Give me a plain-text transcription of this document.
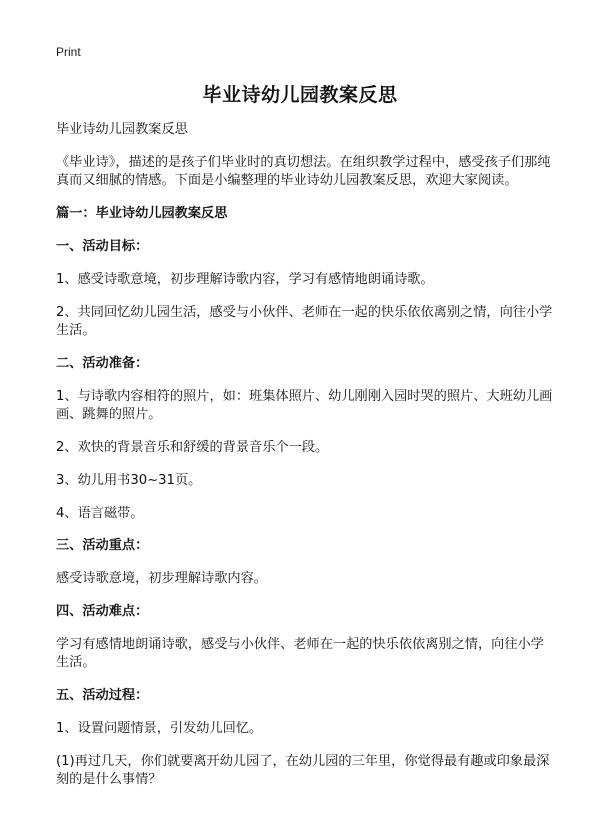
Print
毕业诗幼儿园教案反思

毕业诗幼儿园教案反思

《毕业诗》，描述的是孩子们毕业时的真切想法。在组织教学过程中，感受孩子们那纯真而又细腻的情感。下面是小编整理的毕业诗幼儿园教案反思，欢迎大家阅读。

篇一：毕业诗幼儿园教案反思

一、活动目标：

1、感受诗歌意境，初步理解诗歌内容，学习有感情地朗诵诗歌。

2、共同回忆幼儿园生活，感受与小伙伴、老师在一起的快乐依依离别之情，向往小学生活。

二、活动准备：

1、与诗歌内容相符的照片，如：班集体照片、幼儿刚刚入园时哭的照片、大班幼儿画画、跳舞的照片。

2、欢快的背景音乐和舒缓的背景音乐个一段。

3、幼儿用书30~31页。

4、语言磁带。

三、活动重点：

感受诗歌意境，初步理解诗歌内容。

四、活动难点：

学习有感情地朗诵诗歌，感受与小伙伴、老师在一起的快乐依依离别之情，向往小学生活。

五、活动过程：

1、设置问题情景，引发幼儿回忆。

(1)再过几天，你们就要离开幼儿园了，在幼儿园的三年里，你觉得最有趣或印象最深刻的是什么事情？
